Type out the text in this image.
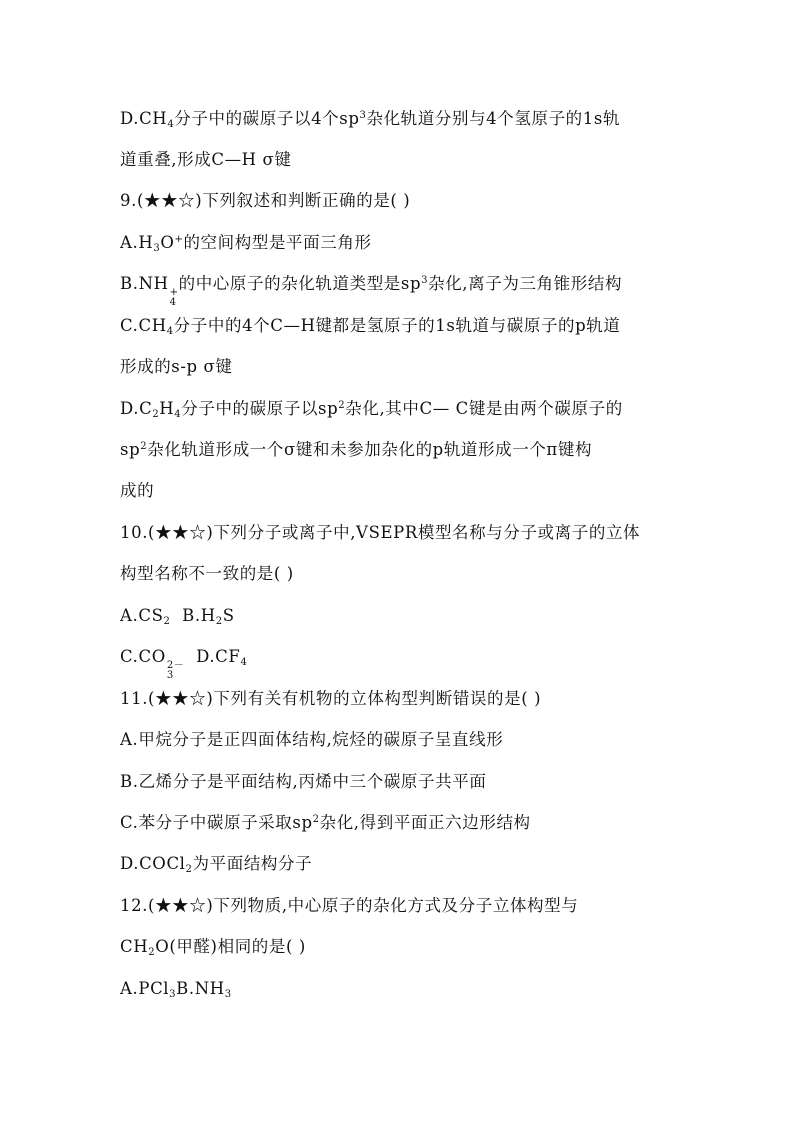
$D.CH_4$分子中的碳原子以4个$sp^3$杂化轨道分别与4个氢原子的1s轨
道重叠,形成C—H σ键
9.(★★☆)下列叙述和判断正确的是( )
$A.H_3O^+$的空间构型是平面三角形
B.NH +
4
的中心原子的杂化轨道类型是$sp^3$杂化,离子为三角锥形结构
$C.CH_4$分子中的4个C—H键都是氢原子的1s轨道与碳原子的p轨道
形成的s-p σ键
$D.C_2H_4$分子中的碳原子以$sp^2$杂化,其中C— C键是由两个碳原子的
$sp^2$杂化轨道形成一个σ键和未参加杂化的p轨道形成一个π键构
成的
10.(★★☆)下列分子或离子中,VSEPR模型名称与分子或离子的立体
构型名称不一致的是( )
$A.CS_2$  $B.H_2S$
C.CO 2－
3
$D.CF_4$
11.(★★☆)下列有关有机物的立体构型判断错误的是( )
A.甲烷分子是正四面体结构,烷烃的碳原子呈直线形
B.乙烯分子是平面结构,丙烯中三个碳原子共平面
C.苯分子中碳原子采取$sp^2$杂化,得到平面正六边形结构
D.COCl$_2$为平面结构分子
12.(★★☆)下列物质,中心原子的杂化方式及分子立体构型与
$CH_2O$(甲醛)相同的是( )
$A.PCl_3B.NH_3$
